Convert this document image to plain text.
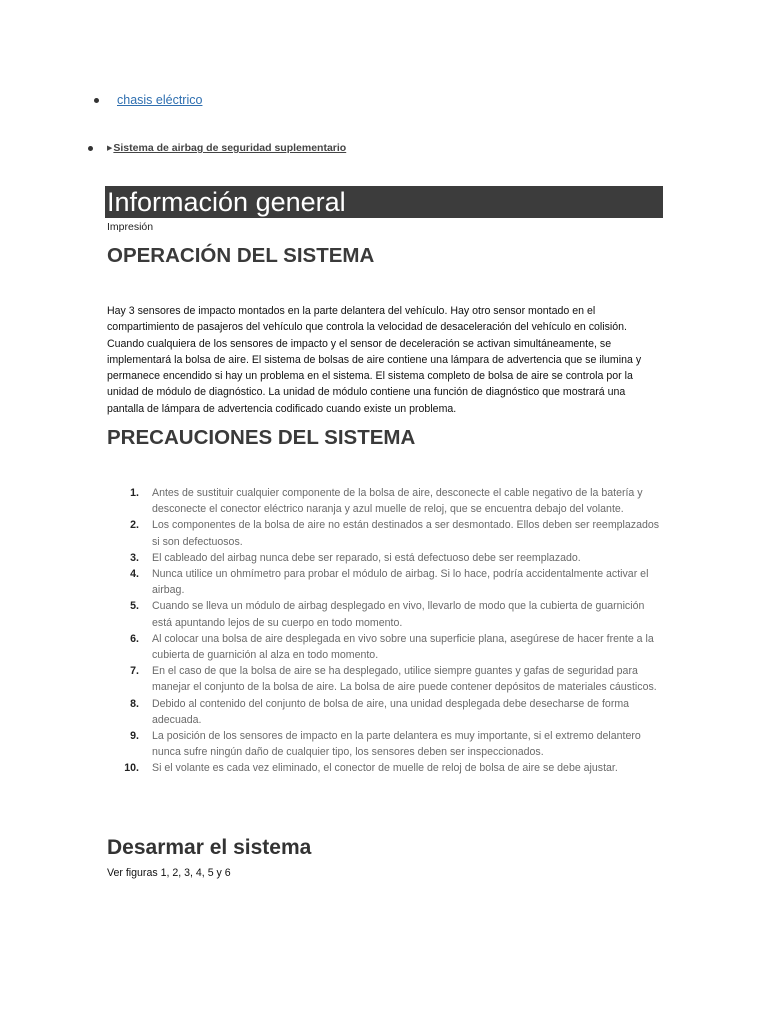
chasis eléctrico
▶ Sistema de airbag de seguridad suplementario
Información general
Impresión
OPERACIÓN DEL SISTEMA

Hay 3 sensores de impacto montados en la parte delantera del vehículo. Hay otro sensor montado en el compartimiento de pasajeros del vehículo que controla la velocidad de desaceleración del vehículo en colisión. Cuando cualquiera de los sensores de impacto y el sensor de deceleración se activan simultáneamente, se implementará la bolsa de aire. El sistema de bolsas de aire contiene una lámpara de advertencia que se ilumina y permanece encendido si hay un problema en el sistema. El sistema completo de bolsa de aire se controla por la unidad de módulo de diagnóstico. La unidad de módulo contiene una función de diagnóstico que mostrará una pantalla de lámpara de advertencia codificado cuando existe un problema.

PRECAUCIONES DEL SISTEMA
1.	Antes de sustituir cualquier componente de la bolsa de aire, desconecte el cable negativo de la batería y desconecte el conector eléctrico naranja y azul muelle de reloj, que se encuentra debajo del volante.
2.	Los componentes de la bolsa de aire no están destinados a ser desmontado. Ellos deben ser reemplazados si son defectuosos.
3.	El cableado del airbag nunca debe ser reparado, si está defectuoso debe ser reemplazado.
4.	Nunca utilice un ohmímetro para probar el módulo de airbag. Si lo hace, podría accidentalmente activar el airbag.
5.	Cuando se lleva un módulo de airbag desplegado en vivo, llevarlo de modo que la cubierta de guarnición está apuntando lejos de su cuerpo en todo momento.
6.	Al colocar una bolsa de aire desplegada en vivo sobre una superficie plana, asegúrese de hacer frente a la cubierta de guarnición al alza en todo momento.
7.	En el caso de que la bolsa de aire se ha desplegado, utilice siempre guantes y gafas de seguridad para manejar el conjunto de la bolsa de aire. La bolsa de aire puede contener depósitos de materiales cáusticos.
8.	Debido al contenido del conjunto de bolsa de aire, una unidad desplegada debe desecharse de forma adecuada.
9.	La posición de los sensores de impacto en la parte delantera es muy importante, si el extremo delantero nunca sufre ningún daño de cualquier tipo, los sensores deben ser inspeccionados.
10.	Si el volante es cada vez eliminado, el conector de muelle de reloj de bolsa de aire se debe ajustar.
Desarmar el sistema
Ver figuras 1, 2, 3, 4, 5 y 6
